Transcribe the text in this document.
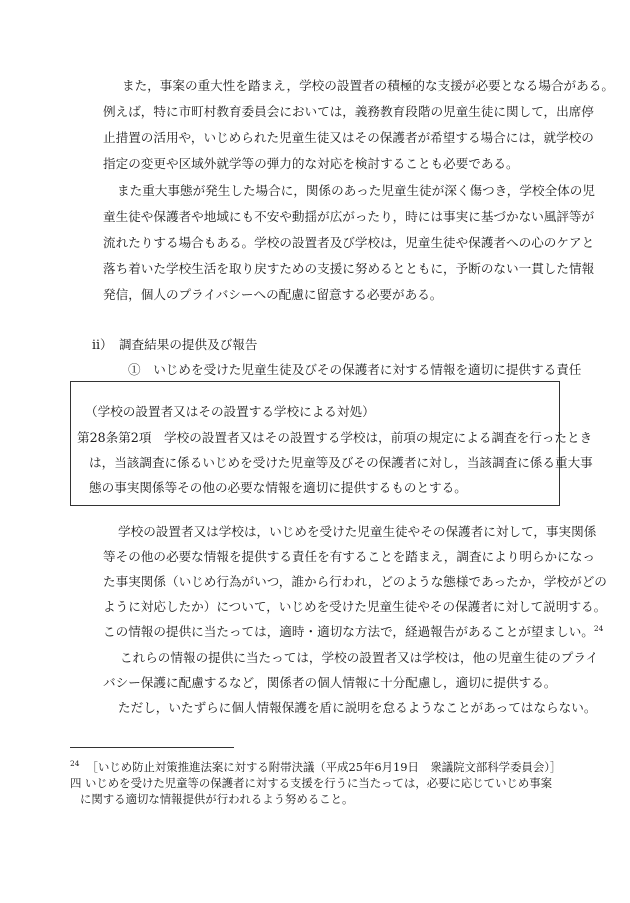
また，事案の重大性を踏まえ，学校の設置者の積極的な支援が必要となる場合がある。
例えば，特に市町村教育委員会においては，義務教育段階の児童生徒に関して，出席停
止措置の活用や，いじめられた児童生徒又はその保護者が希望する場合には，就学校の
指定の変更や区域外就学等の弾力的な対応を検討することも必要である。
また重大事態が発生した場合に，関係のあった児童生徒が深く傷つき，学校全体の児
童生徒や保護者や地域にも不安や動揺が広がったり，時には事実に基づかない風評等が
流れたりする場合もある。学校の設置者及び学校は，児童生徒や保護者への心のケアと
落ち着いた学校生活を取り戻すための支援に努めるとともに，予断のない一貫した情報
発信，個人のプライバシーへの配慮に留意する必要がある。
ⅱ）　調査結果の提供及び報告
①　いじめを受けた児童生徒及びその保護者に対する情報を適切に提供する責任
（学校の設置者又はその設置する学校による対処）
第28条第2項　学校の設置者又はその設置する学校は，前項の規定による調査を行ったとき
は，当該調査に係るいじめを受けた児童等及びその保護者に対し，当該調査に係る重大事
態の事実関係等その他の必要な情報を適切に提供するものとする。
学校の設置者又は学校は，いじめを受けた児童生徒やその保護者に対して，事実関係
等その他の必要な情報を提供する責任を有することを踏まえ，調査により明らかになっ
た事実関係（いじめ行為がいつ，誰から行われ，どのような態様であったか，学校がどの
ように対応したか）について，いじめを受けた児童生徒やその保護者に対して説明する。
この情報の提供に当たっては，適時・適切な方法で，経過報告があることが望ましい。$^{24}$
これらの情報の提供に当たっては，学校の設置者又は学校は，他の児童生徒のプライ
バシー保護に配慮するなど，関係者の個人情報に十分配慮し，適切に提供する。
ただし，いたずらに個人情報保護を盾に説明を怠るようなことがあってはならない。
$^{24}$ ［いじめ防止対策推進法案に対する附帯決議（平成25年6月19日　衆議院文部科学委員会）］
四 いじめを受けた児童等の保護者に対する支援を行うに当たっては，必要に応じていじめ事案
に関する適切な情報提供が行われるよう努めること。
